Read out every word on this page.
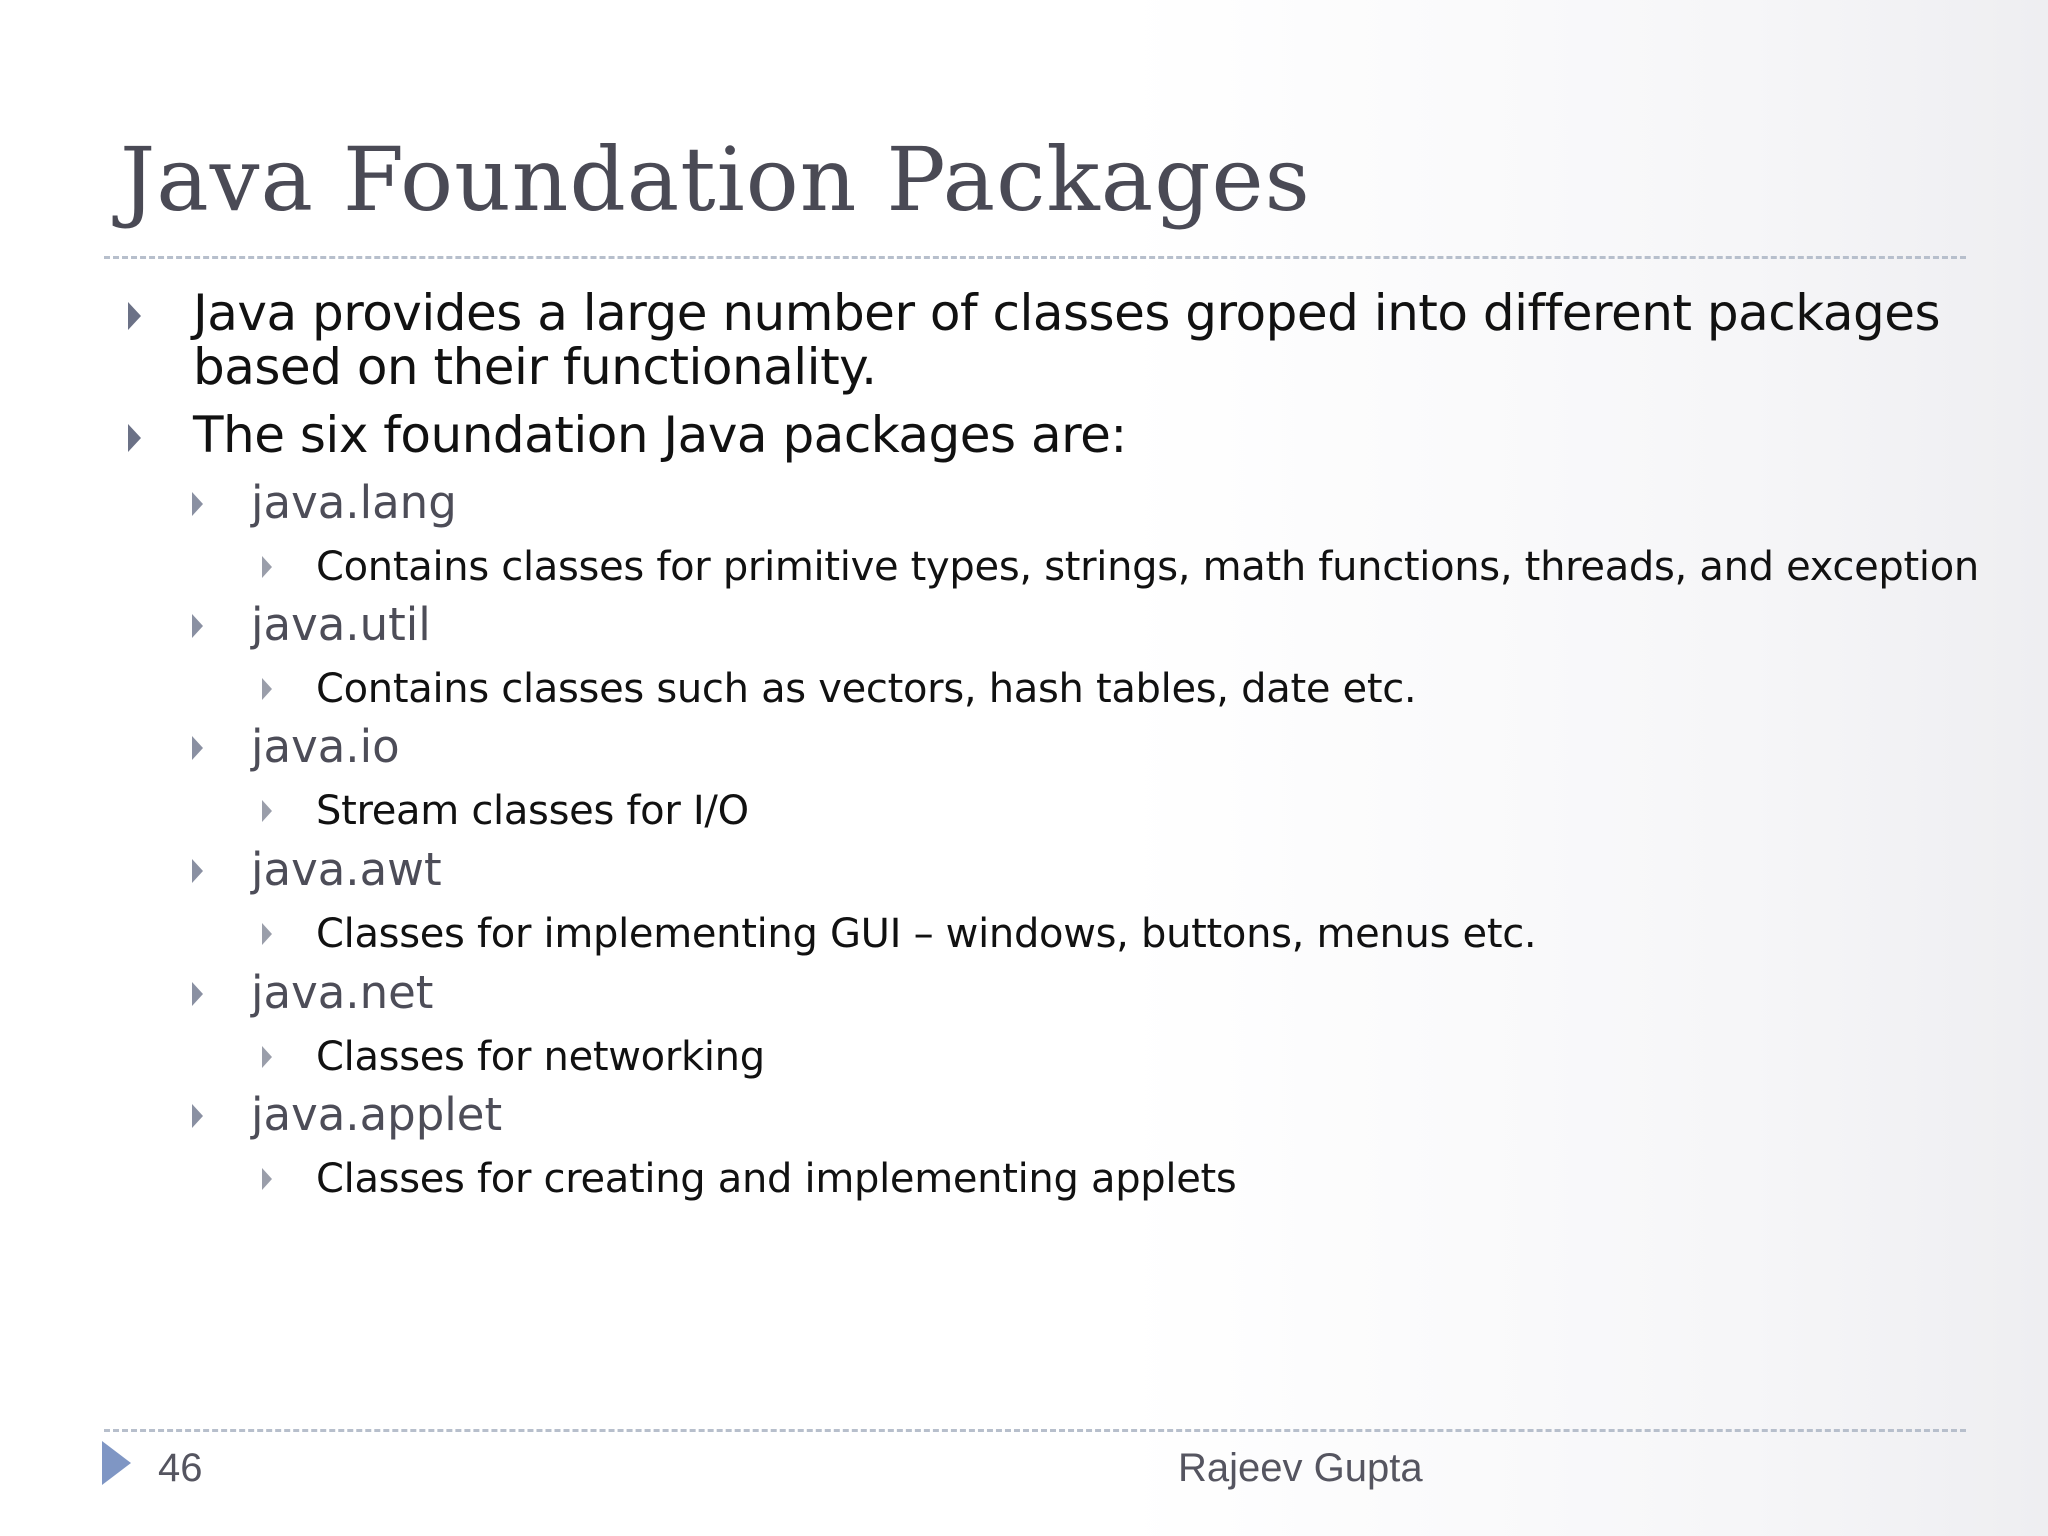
Java Foundation Packages
Java provides a large number of classes groped into different packages
based on their functionality.
The six foundation Java packages are:
java.lang
Contains classes for primitive types, strings, math functions, threads, and exception
java.util
Contains classes such as vectors, hash tables, date etc.
java.io
Stream classes for I/O
java.awt
Classes for implementing GUI – windows, buttons, menus etc.
java.net
Classes for networking
java.applet
Classes for creating and implementing applets
46	Rajeev Gupta
